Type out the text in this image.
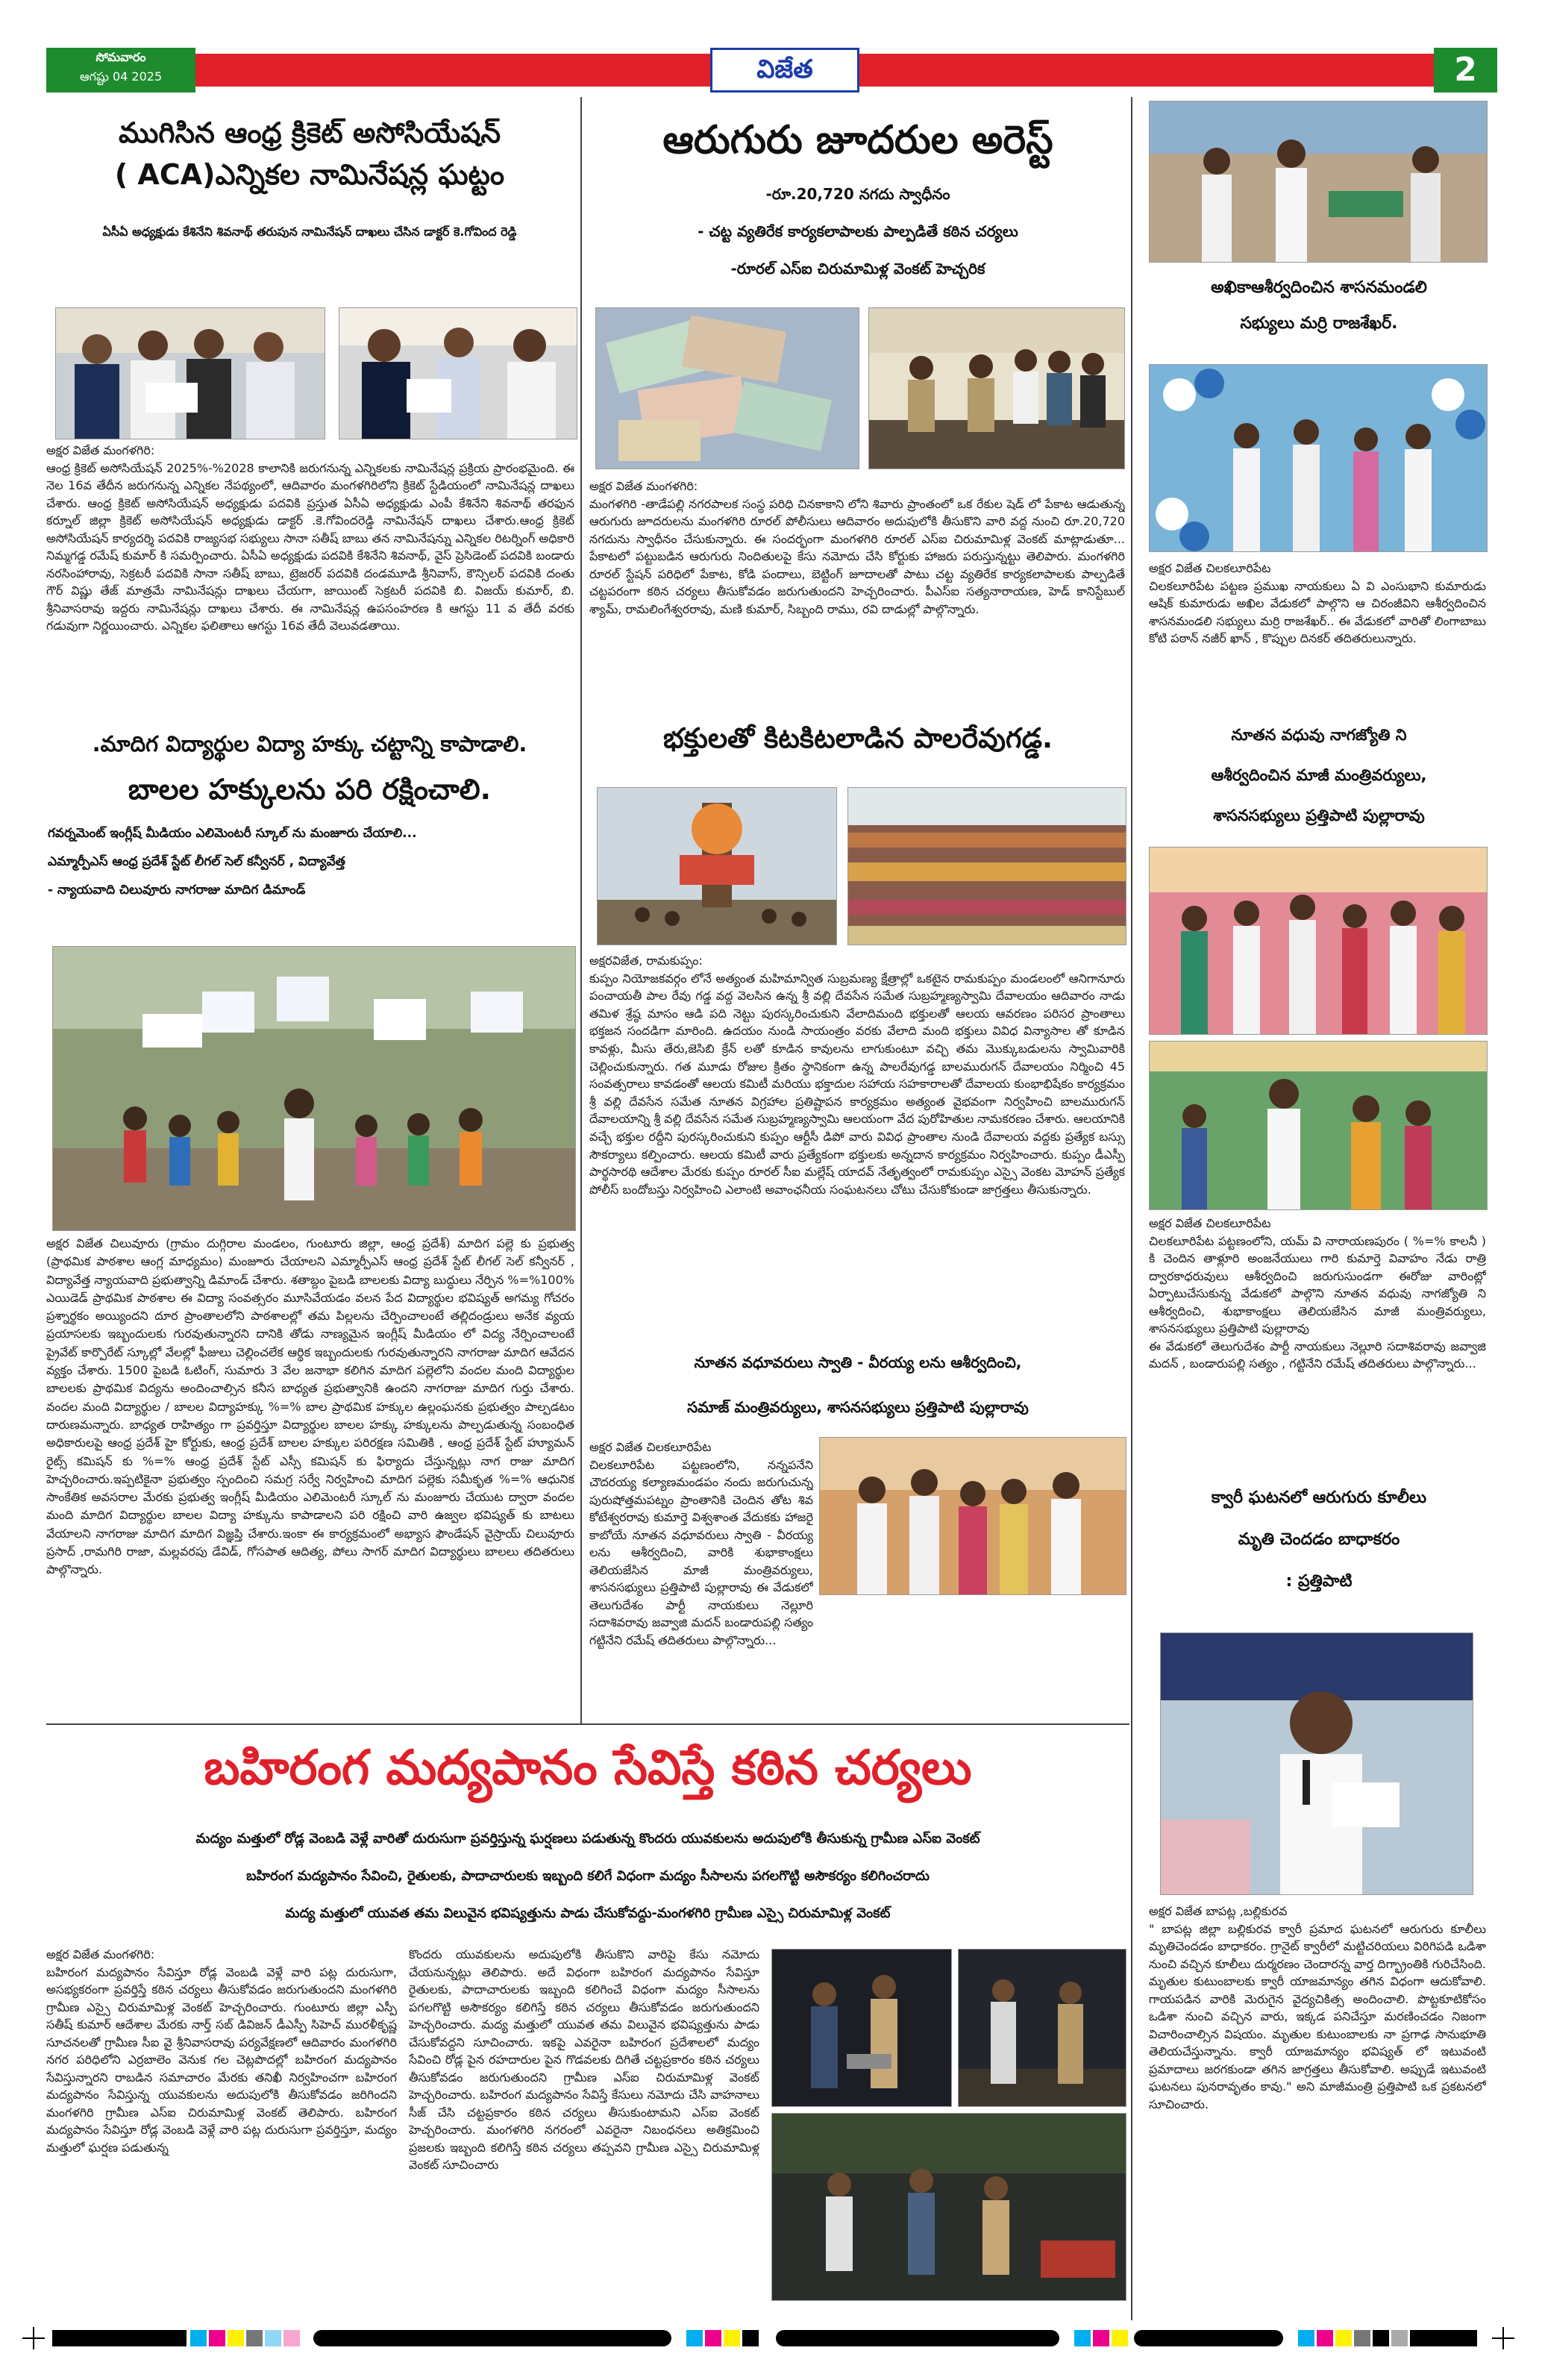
సోమవారం
ఆగష్టు 04 2025	విజేత	2
ముగిసిన ఆంధ్ర క్రికెట్ అసోసియేషన్
( ACA)ఎన్నికల నామినేషన్ల ఘట్టం
ఏసీఏ అధ్యక్షుడు కేశినేని శివనాథ్ తరుపున నామినేషన్ దాఖలు చేసిన డాక్టర్ కె.గోవింద రెడ్డి
అక్షర విజేత మంగళగిరి:
ఆంధ్ర క్రికెట్ అసోసియేషన్ 2025%-%2028 కాలానికి జరుగనున్న ఎన్నికలకు నామినేషన్ల ప్రక్రియ ప్రారంభమైంది. ఈ నెల 16వ తేదీన జరుగనున్న ఎన్నికల నేపథ్యంలో, ఆదివారం మంగళగిరిలోని క్రికెట్ స్టేడియంలో నామినేషన్ల దాఖలు చేశారు. ఆంధ్ర క్రికెట్ అసోసియేషన్ అధ్యక్షుడు పదవికి ప్రస్తుత ఏసీఏ అధ్యక్షుడు ఎంపీ కేశినేని శివనాథ్ తరఫున కర్నూల్ జిల్లా క్రికెట్ అసోసియేషన్ అధ్యక్షుడు డాక్టర్ .కె.గోవిందరెడ్డి నామినేషన్ దాఖలు చేశారు.ఆంధ్ర క్రికెట్ అసోసియేషన్ కార్యదర్శి పదవికి రాజ్యసభ సభ్యులు సానా సతీష్ బాబు తన నామినేషన్ను ఎన్నికల రిటర్నింగ్ అధికారి నిమ్మగడ్డ రమేష్ కుమార్ కి సమర్పించారు. ఏసీఏ అధ్యక్షుడు పదవికి కేశినేని శివనాథ్, వైస్ ప్రెసిడెంట్ పదవికి బండారు నరసింహారావు, సెక్రటరీ పదవికి సానా సతీష్ బాబు, ట్రెజరర్ పదవికి దండమూడి శ్రీనివాస్, కౌన్సిలర్ పదవికి దంతు గౌర్ విష్ణు తేజ్ మాత్రమే నామినేషన్లు దాఖలు చేయగా, జాయింట్ సెక్రటరీ పదవికి బి. విజయ్ కుమార్, బి. శ్రీనివాసరావు ఇద్దరు నామినేషన్లు దాఖలు చేశారు. ఈ నామినేషన్ల ఉపసంహరణ కి ఆగస్టు 11 వ తేదీ వరకు గడువుగా నిర్ణయించారు. ఎన్నికల ఫలితాలు ఆగస్టు 16వ తేదీ వెలువడతాయి.
.మాదిగ విద్యార్థుల విద్యా హక్కు చట్టాన్ని కాపాడాలి.
బాలల హక్కులను పరి రక్షించాలి.
గవర్నమెంట్ ఇంగ్లీష్ మీడియం ఎలిమెంటరీ స్కూల్ ను మంజూరు చేయాలి...
ఎమ్మార్పీఎస్ ఆంధ్ర ప్రదేశ్ స్టేట్ లీగల్ సెల్ కన్వీనర్ , విద్యావేత్త
- న్యాయవాది చిలువూరు నాగరాజు మాదిగ డిమాండ్
అక్షర విజేత చిలువూరు (గ్రామం దుగ్గిరాల మండలం, గుంటూరు జిల్లా, ఆంధ్ర ప్రదేశ్) మాదిగ పల్లె కు ప్రభుత్వ (ప్రాథమిక పాఠశాల ఆంగ్ల మాధ్యమం) మంజూరు చేయాలని ఎమ్మార్పీఎస్ ఆంధ్ర ప్రదేశ్ స్టేట్ లీగల్ సెల్ కన్వీనర్ , విద్యావేత్త న్యాయవాది ప్రభుత్వాన్ని డిమాండ్ చేశారు. శతాబ్దం పైబడి బాలలకు విద్యా బుద్ధులు నేర్పిన %=%100% ఎయిడెడ్ ప్రాథమిక పాఠశాల ఈ విద్యా సంవత్సరం మూసివేయడం వలన పేద విద్యార్థుల భవిష్యత్ అగమ్య గోచరం ప్రశ్నార్థకం అయ్యిందని దూర ప్రాంతాలలోని పాఠశాలల్లో తమ పిల్లలను చేర్పించాలంటే తల్లిదండ్రులు అనేక వ్యయ ప్రయాసలకు ఇబ్బందులకు గురవుతున్నారని దానికి తోడు నాణ్యమైన ఇంగ్లీష్ మీడియం లో విద్య నేర్పించాలంటే ప్రైవేట్ కార్పొరేట్ స్కూల్లో వేలల్లో ఫీజులు చెల్లించలేక ఆర్థిక ఇబ్బందులకు గురవుతున్నారని నాగరాజు మాదిగ ఆవేదన వ్యక్తం చేశారు. 1500 పైబడి ఓటింగ్, సుమారు 3 వేల జనాభా కలిగిన మాదిగ పల్లెలోని వందల మంది విద్యార్థుల బాలలకు ప్రాథమిక విద్యను అందించాల్సిన కనీస బాధ్యత ప్రభుత్వానికి ఉందని నాగరాజు మాదిగ గుర్తు చేశారు. వందల మంది విద్యార్థుల / బాలల విద్యాహక్కు %=% బాల ప్రాథమిక హక్కుల ఉల్లంఘనకు ప్రభుత్వం పాల్పడటం దారుణమన్నారు. బాధ్యత రాహిత్యం గా ప్రవర్తిస్తూ విద్యార్థుల బాలల హక్కు హక్కులను పాల్పడుతున్న సంబంధిత అధికారులపై ఆంధ్ర ప్రదేశ్ హై కోర్టుకు, ఆంధ్ర ప్రదేశ్ బాలల హక్కుల పరిరక్షణ సమితికి , ఆంధ్ర ప్రదేశ్ స్టేట్ హ్యూమన్ రైట్స్ కమిషన్ కు %=% ఆంధ్ర ప్రదేశ్ స్టేట్ ఎస్సీ కమిషన్ కు ఫిర్యాదు చేస్తున్నట్లు నాగ రాజు మాదిగ హెచ్చరించారు.ఇప్పటికైనా ప్రభుత్వం స్పందించి సమగ్ర సర్వే నిర్వహించి మాదిగ పల్లెకు సమీకృత %=% ఆధునిక సాంకేతిక అవసరాల మేరకు ప్రభుత్వ ఇంగ్లీష్ మీడియం ఎలిమెంటరీ స్కూల్ ను మంజూరు చేయుట ద్వారా వందల మంది మాదిగ విద్యార్థుల బాలల విద్యా హక్కును కాపాడాలని పరి రక్షించి వారి ఉజ్వల భవిష్యత్ కు బాటలు వేయాలని నాగరాజు మాదిగ మాదిగ విజ్ఞప్తి చేశారు.ఇంకా ఈ కార్యక్రమంలో అభ్యాస ఫౌండేషన్ వైస్రాయ్ చిలువూరు ప్రసాద్ ,రామగిరి రాజా, మల్లవరపు డేవిడ్, గోసపాత ఆదిత్య, పోలు సాగర్ మాదిగ విద్యార్థులు బాలలు తదితరులు పాల్గొన్నారు.
ఆరుగురు జూదరుల అరెస్ట్
-రూ.20,720 నగదు స్వాధీనం
- చట్ట వ్యతిరేక కార్యకలాపాలకు పాల్పడితే కఠిన చర్యలు
-రూరల్ ఎస్ఐ చిరుమామిళ్ల వెంకట్ హెచ్చరిక
అక్షర విజేత మంగళగిరి:
మంగళగిరి -తాడేపల్లి నగరపాలక సంస్థ పరిధి చినకాకాని లోని శివారు ప్రాంతంలో ఒక రేకుల షెడ్ లో పేకాట ఆడుతున్న ఆరుగురు జూదరులను మంగళగిరి రూరల్ పోలీసులు ఆదివారం అదుపులోకి తీసుకొని వారి వద్ద నుంచి రూ.20,720 నగదును స్వాధీనం చేసుకున్నారు. ఈ సందర్భంగా మంగళగిరి రూరల్ ఎస్ఐ చిరుమామిళ్ల వెంకట్ మాట్లాడుతూ... పేకాటలో పట్టుబడిన ఆరుగురు నిందితులపై కేసు నమోదు చేసి కోర్టుకు హాజరు పరుస్తున్నట్టు తెలిపారు. మంగళగిరి రూరల్ స్టేషన్ పరిధిలో పేకాట, కోడి పందాలు, బెట్టింగ్ జూదాలతో పాటు చట్ట వ్యతిరేక కార్యకలాపాలకు పాల్పడితే చట్టపరంగా కఠిన చర్యలు తీసుకోవడం జరుగుతుందని హెచ్చరించారు. పీఎస్ఐ సత్యనారాయణ, హెడ్ కానిస్టేబుల్ శ్యామ్, రామలింగేశ్వరరావు, మణి కుమార్, సిబ్బంది రాము, రవి దాడుల్లో పాల్గొన్నారు.
భక్తులతో కిటకిటలాడిన పాలరేవుగడ్డ.
అక్షరవిజేత, రామకుప్పం:
కుప్పం నియోజకవర్గం లోనే అత్యంత మహిమాన్విత సుబ్రమణ్య క్షేత్రాల్లో ఒకటైన రామకుప్పం మండలంలో ఆనిగానూరు పంచాయతీ పాల రేవు గడ్డ వద్ద వెలసిన ఉన్న శ్రీ వల్లి దేవసేన సమేత సుబ్రహ్మణ్యస్వామి దేవాలయం ఆదివారం నాడు తమిళ శ్రేష్ఠ మాసం ఆడి పది నెట్టు పురస్కరించుకుని వేలాదిమంది భక్తులతో ఆలయ ఆవరణం పరిసర ప్రాంతాలు భక్తజన సందడిగా మారింది. ఉదయం నుండి సాయంత్రం వరకు వేలాది మంది భక్తులు వివిధ విన్యాసాల తో కూడిన కావళ్లు, మీసు తేరు,జెసిబి క్రేన్ లతో కూడిన కావులను లాగుకుంటూ వచ్చి తమ మొక్కుబడులను స్వామివారికి చెల్లించుకున్నారు. గత మూడు రోజుల క్రితం స్థానికంగా ఉన్న పాలరేవుగడ్డ బాలమురుగన్ దేవాలయం నిర్మించి 45 సంవత్సరాలు కావడంతో ఆలయ కమిటీ మరియు భక్తాదుల సహాయ సహకారాలతో దేవాలయ కుంభాభిషేకం కార్యక్రమం శ్రీ వల్లి దేవసేన సమేత నూతన విగ్రహాల ప్రతిష్టాపన కార్యక్రమం అత్యంత వైభవంగా నిర్వహించి బాలమురుగన్ దేవాలయాన్ని శ్రీ వల్లి దేవసేన సమేత సుబ్రహ్మణ్యస్వామి ఆలయంగా వేద పురోహితుల నామకరణం చేశారు. ఆలయానికి వచ్చే భక్తుల రద్దీని పురస్కరించుకుని కుప్పం ఆర్టీసీ డిపో వారు వివిధ ప్రాంతాల నుండి దేవాలయ వద్దకు ప్రత్యేక బస్సు సౌకర్యాలు కల్పించారు. ఆలయ కమిటీ వారు ప్రత్యేకంగా భక్తులకు అన్నదాన కార్యక్రమం నిర్వహించారు. కుప్పం డీఎస్పీ పార్థసారథి ఆదేశాల మేరకు కుప్పం రూరల్ సీఐ మల్లేష్ యాదవ్ నేతృత్వంలో రామకుప్పం ఎస్సై వెంకట మోహన్ ప్రత్యేక పోలీస్ బందోబస్తు నిర్వహించి ఎలాంటి అవాంఛనీయ సంఘటనలు చోటు చేసుకోకుండా జాగ్రత్తలు తీసుకున్నారు.
నూతన వధూవరులు స్వాతి - వీరయ్య లను ఆశీర్వదించి,
సమాజ్ మంత్రివర్యులు, శాసనసభ్యులు ప్రత్తిపాటి పుల్లారావు
అక్షర విజేత చిలకలూరిపేట
చిలకలూరిపేట పట్టణంలోని, నన్నపనేని చౌదరయ్య కల్యాణమండపం నందు జరుగుచున్న పురుషోత్తమపట్నం ప్రాంతానికి చెందిన తోట శివ కోటేశ్వరరావు కుమార్తె విశ్వశాంత వేదుకకు హాజరై కాబోయే నూతన వధూవరులు స్వాతి - వీరయ్య లను ఆశీర్వదించి, వారికి శుభాకాంక్షలు తెలియజేసిన మాజీ మంత్రివర్యులు, శాసనసభ్యులు ప్రత్తిపాటి పుల్లారావు ఈ వేడుకలో తెలుగుదేశం పార్టీ నాయకులు నెల్లూరి సదాశివరావు జవ్వాజి మదన్ బండారుపల్లి సత్యం గట్టినేని రమేష్ తదితరులు పాల్గొన్నారు...
బహిరంగ మద్యపానం సేవిస్తే కఠిన చర్యలు
మద్యం మత్తులో రోడ్ల వెంబడి వెళ్లే వారితో దురుసుగా ప్రవర్తిస్తున్న ఘర్షణలు పడుతున్న కొందరు యువకులను అదుపులోకి తీసుకున్న గ్రామీణ ఎస్ఐ వెంకట్
బహిరంగ మద్యపానం సేవించి, రైతులకు, పాదాచారులకు ఇబ్బంది కలిగే విధంగా మద్యం సీసాలను పగలగొట్టి అసౌకర్యం కలిగించరాదు
మద్య మత్తులో యువత తమ విలువైన భవిష్యత్తును పాడు చేసుకోవద్దు-మంగళగిరి గ్రామీణ ఎస్సై చిరుమామిళ్ల వెంకట్
అక్షర విజేత మంగళగిరి:
బహిరంగ మద్యపానం సేవిస్తూ రోడ్ల వెంబడి వెళ్లే వారి పట్ల దురుసుగా, అసభ్యకరంగా ప్రవర్తిస్తే కఠిన చర్యలు తీసుకోవడం జరుగుతుందని మంగళగిరి గ్రామీణ ఎస్సై చిరుమామిళ్ల వెంకట్ హెచ్చరించారు. గుంటూరు జిల్లా ఎస్పీ సతీష్ కుమార్ ఆదేశాల మేరకు నార్త్ సబ్ డివిజన్ డీఎస్పీ సిహెచ్ మురళీకృష్ణ సూచనలతో గ్రామీణ సీఐ వై శ్రీనివాసరావు పర్యవేక్షణలో ఆదివారం మంగళగిరి నగర పరిధిలోని ఎర్రబాలెం వెనుక గల చెట్లపొదల్లో బహిరంగ మద్యపానం సేవిస్తున్నారని రాబడిన సమాచారం మేరకు తనిఖీ నిర్వహించగా బహిరంగ మద్యపానం సేవిస్తున్న యువకులను అదుపులోకి తీసుకోవడం జరిగిందని మంగళగిరి గ్రామీణ ఎస్ఐ చిరుమామిళ్ల వెంకట్ తెలిపారు. బహిరంగ మద్యపానం సేవిస్తూ రోడ్ల వెంబడి వెళ్లే వారి పట్ల దురుసుగా ప్రవర్తిస్తూ, మద్యం మత్తులో ఘర్షణ పడుతున్న
కొందరు యువకులను అదుపులోకి తీసుకొని వారిపై కేసు నమోదు చేయనున్నట్లు తెలిపారు. అదే విధంగా బహిరంగ మద్యపానం సేవిస్తూ రైతులకు, పాదాచారులకు ఇబ్బంది కలిగించే విధంగా మద్యం సీసాలను పగలగొట్టి అసౌకర్యం కలిగిస్తే కఠిన చర్యలు తీసుకోవడం జరుగుతుందని హెచ్చరించారు. మద్య మత్తులో యువత తమ విలువైన భవిష్యత్తును పాడు చేసుకోవద్దని సూచించారు. ఇకపై ఎవరైనా బహిరంగ ప్రదేశాలలో మద్యం సేవించి రోడ్ల పైన రహదారుల పైన గొడవలకు దిగితే చట్టప్రకారం కఠిన చర్యలు తీసుకోవడం జరుగుతుందని గ్రామీణ ఎస్ఐ చిరుమామిళ్ల వెంకట్ హెచ్చరించారు. బహిరంగ మద్యపానం సేవిస్తే కేసులు నమోదు చేసి వాహనాలు సీజ్ చేసి చట్టప్రకారం కఠిన చర్యలు తీసుకుంటామని ఎస్ఐ వెంకట్ హెచ్చరించారు. మంగళగిరి నగరంలో ఎవరైనా నిబంధనలు అతిక్రమించి ప్రజలకు ఇబ్బంది కలిగిస్తే కఠిన చర్యలు తప్పవని గ్రామీణ ఎస్సై చిరుమామిళ్ల వెంకట్ సూచించారు
అఖికాఆశీర్వదించిన శాసనమండలి
సభ్యులు మర్రి రాజశేఖర్.
అక్షర విజేత చిలకలూరిపేట
చిలకలూరిపేట పట్టణ ప్రముఖ నాయకులు ఏ వి ఎంసుభాని కుమారుడు ఆషిక్ కుమారుడు అఖిల వేడుకలో పాల్గొని ఆ చిరంజీవిని ఆశీర్వదించిన శాసనమండలి సభ్యులు మర్రి రాజశేఖర్.. ఈ వేడుకలో వారితో లింగాబాబు కోటి పఠాన్ నజీర్ ఖాన్ , కొప్పుల దినకర్ తదితరులున్నారు.
నూతన వధువు నాగజ్యోతి ని
ఆశీర్వదించిన మాజీ మంత్రివర్యులు,
శాసనసభ్యులు ప్రత్తిపాటి పుల్లారావు
అక్షర విజేత చిలకలూరిపేట
చిలకలూరిపేట పట్టణంలోని, యమ్ వి నారాయణపురం ( %=% కాలనీ ) కి చెందిన తాళ్లూరి అంజనేయులు గారి కుమార్తె వివాహం నేడు రాత్రి ద్వారకాధరువులు ఆశీర్వదించి జరుగుసుండగా ఈరోజు వారింట్లో ఏర్పాటుచేసుకున్న వేడుకలో పాల్గొని నూతన వధువు నాగజ్యోతి ని ఆశీర్వదించి, శుభాకాంక్షలు తెలియజేసిన మాజీ మంత్రివర్యులు, శాసనసభ్యులు ప్రత్తిపాటి పుల్లారావు
ఈ వేడుకలో తెలుగుదేశం పార్టీ నాయకులు నెల్లూరి సదాశివరావు జవ్వాజి మదన్ , బండారుపల్లి సత్యం , గట్టినేని రమేష్ తదితరులు పాల్గొన్నారు...
క్వారీ ఘటనలో ఆరుగురు కూలీలు
మృతి చెందడం బాధాకరం
: ప్రత్తిపాటి
అక్షర విజేత బాపట్ల ,బల్లికురవ
" బాపట్ల జిల్లా బల్లికురవ క్వారీ ప్రమాద ఘటనలో ఆరుగురు కూలీలు మృతిచెందడం బాధాకరం. గ్రానైట్ క్వారీలో మట్టిచరియలు విరిగిపడి ఒడిశా నుంచి వచ్చిన కూలీలు దుర్మరణం చెందారన్న వార్త దిగ్భ్రాంతికి గురిచేసింది. మృతుల కుటుంబాలకు క్వారీ యాజమాన్యం తగిన విధంగా ఆదుకోవాలి. గాయపడిన వారికి మెరుగైన వైద్యచికిత్స అందించాలి. పొట్టకూటికోసం ఒడిశా నుంచి వచ్చిన వారు, ఇక్కడ పనిచేస్తూ మరణించడం నిజంగా విచారించాల్సిన విషయం. మృతుల కుటుంబాలకు నా ప్రగాఢ సానుభూతి తెలియచేస్తున్నాను. క్వారీ యాజమాన్యం భవిష్యత్ లో ఇటువంటి ప్రమాదాలు జరగకుండా తగిన జాగ్రత్తలు తీసుకోవాలి. అప్పుడే ఇటువంటి ఘటనలు పునరావృతం కావు." అని మాజీమంత్రి ప్రత్తిపాటి ఒక ప్రకటనలో సూచించారు.
